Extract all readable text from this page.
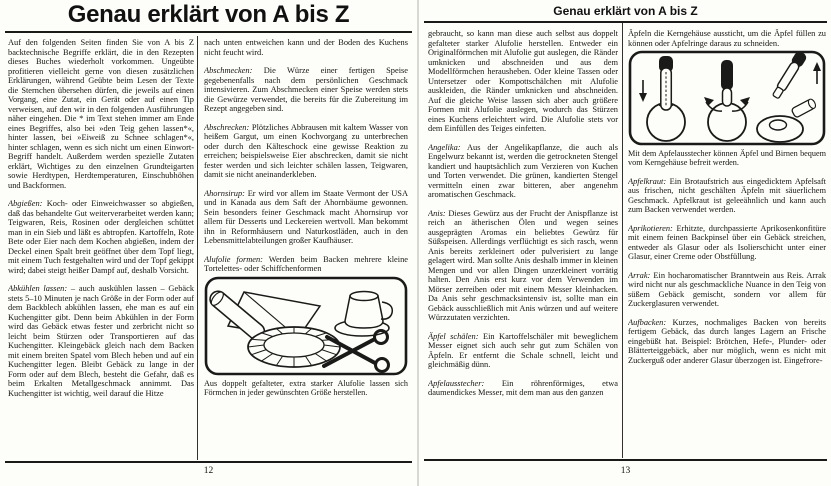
Genau erklärt von A bis Z

Auf den folgenden Seiten finden Sie von A bis Z backtechnische Begriffe erklärt, die in den Rezepten dieses Buches wiederholt vorkommen. Ungeübte profitieren vielleicht gerne von diesen zusätzlichen Erklärungen, während Geübte beim Lesen der Texte die Sternchen übersehen dürfen, die jeweils auf einen Vorgang, eine Zutat, ein Gerät oder auf einen Tip verweisen, auf den wir in den folgenden Ausführungen näher eingehen. Die * im Text stehen immer am Ende eines Begriffes, also bei »den Teig gehen lassen*«, hinter lassen, bei »Eiweiß zu Schnee schlagen*«, hinter schlagen, wenn es sich nicht um einen Einwort-Begriff handelt. Außerdem werden spezielle Zutaten erklärt, Wichtiges zu den einzelnen Grundteigarten sowie Herdtypen, Herdtemperaturen, Einschubhöhen und Backformen.

Abgießen: Koch- oder Einweichwasser so abgießen, daß das behandelte Gut weiterverarbeitet werden kann; Teigwaren, Reis, Rosinen oder dergleichen schüttet man in ein Sieb und läßt es abtropfen. Kartoffeln, Rote Bete oder Eier nach dem Kochen abgießen, indem der Deckel einen Spalt breit geöffnet über dem Topf liegt, mit einem Tuch festgehalten wird und der Topf gekippt wird; dabei steigt heißer Dampf auf, deshalb Vorsicht.

Abkühlen lassen: – auch auskühlen lassen – Gebäck stets 5–10 Minuten je nach Größe in der Form oder auf dem Backblech abkühlen lassen, ehe man es auf ein Kuchengitter gibt. Denn beim Abkühlen in der Form wird das Gebäck etwas fester und zerbricht nicht so leicht beim Stürzen oder Transportieren auf das Kuchengitter. Kleingebäck gleich nach dem Backen mit einem breiten Spatel vom Blech heben und auf ein Kuchengitter legen. Bleibt Gebäck zu lange in der Form oder auf dem Blech, besteht die Gefahr, daß es beim Erkalten Metallgeschmack annimmt. Das Kuchengitter ist wichtig, weil darauf die Hitze

nach unten entweichen kann und der Boden des Kuchens nicht feucht wird.

Abschmecken: Die Würze einer fertigen Speise gegebenenfalls nach dem persönlichen Geschmack intensivieren. Zum Abschmecken einer Speise werden stets die Gewürze verwendet, die bereits für die Zubereitung im Rezept angegeben sind.

Abschrecken: Plötzliches Abbrausen mit kaltem Wasser von heißem Gargut, um einen Kochvorgang zu unterbrechen oder durch den Kälteschock eine gewisse Reaktion zu erreichen; beispielsweise Eier abschrecken, damit sie nicht fester werden und sich leichter schälen lassen, Teigwaren, damit sie nicht aneinanderkleben.

Ahornsirup: Er wird vor allem im Staate Vermont der USA und in Kanada aus dem Saft der Ahornbäume gewonnen. Sein besonders feiner Geschmack macht Ahornsirup vor allem für Desserts und Leckereien wertvoll. Man bekommt ihn in Reformhäusern und Naturkostläden, auch in den Lebensmittelabteilungen großer Kaufhäuser.

Alufolie formen: Werden beim Backen mehrere kleine Tortelettes- oder Schiffchenformen

Aus doppelt gefalteter, extra starker Alufolie lassen sich Förmchen in jeder gewünschten Größe herstellen.

12
Genau erklärt von A bis Z

gebraucht, so kann man diese auch selbst aus doppelt gefalteter starker Alufolie herstellen. Entweder ein Originalförmchen mit Alufolie gut auslegen, die Ränder umknicken und abschneiden und aus dem Modellförmchen herausheben. Oder kleine Tassen oder Untersetzer oder Kompottschälchen mit Alufolie auskleiden, die Ränder umknicken und abschneiden. Auf die gleiche Weise lassen sich aber auch größere Formen mit Alufolie auslegen, wodurch das Stürzen eines Kuchens erleichtert wird. Die Alufolie stets vor dem Einfüllen des Teiges einfetten.

Angelika: Aus der Angelikapflanze, die auch als Engelwurz bekannt ist, werden die getrockneten Stengel kandiert und hauptsächlich zum Verzieren von Kuchen und Torten verwendet. Die grünen, kandierten Stengel vermitteln einen zwar bitteren, aber angenehm aromatischen Geschmack.

Anis: Dieses Gewürz aus der Frucht der Anispflanze ist reich an ätherischen Ölen und wegen seines ausgeprägten Aromas ein beliebtes Gewürz für Süßspeisen. Allerdings verflüchtigt es sich rasch, wenn Anis bereits zerkleinert oder pulverisiert zu lange gelagert wird. Man sollte Anis deshalb immer in kleinen Mengen und vor allen Dingen unzerkleinert vorrätig halten. Den Anis erst kurz vor dem Verwenden im Mörser zerreiben oder mit einem Messer kleinhacken. Da Anis sehr geschmacksintensiv ist, sollte man ein Gebäck ausschließlich mit Anis würzen und auf weitere Würzzutaten verzichten.

Äpfel schälen: Ein Kartoffelschäler mit beweglichem Messer eignet sich auch sehr gut zum Schälen von Äpfeln. Er entfernt die Schale schnell, leicht und gleichmäßig dünn.

Apfelausstecher: Ein röhrenförmiges, etwa daumendickes Messer, mit dem man aus den ganzen

Äpfeln die Kerngehäuse aussticht, um die Äpfel füllen zu können oder Apfelringe daraus zu schneiden.

Mit dem Apfelausstecher können Äpfel und Birnen bequem vom Kerngehäuse befreit werden.

Apfelkraut: Ein Brotaufstrich aus eingedicktem Apfelsaft aus frischen, nicht geschälten Äpfeln mit säuerlichem Geschmack. Apfelkraut ist geleeähnlich und kann auch zum Backen verwendet werden.

Aprikotieren: Erhitzte, durchpassierte Aprikosenkonfitüre mit einem feinen Backpinsel über ein Gebäck streichen, entweder als Glasur oder als Isolierschicht unter einer Glasur, einer Creme oder Obstfüllung.

Arrak: Ein hocharomatischer Branntwein aus Reis. Arrak wird nicht nur als geschmackliche Nuance in den Teig von süßem Gebäck gemischt, sondern vor allem für Zuckerglasuren verwendet.

Aufbacken: Kurzes, nochmaliges Backen von bereits fertigem Gebäck, das durch langes Lagern an Frische eingebüßt hat. Beispiel: Brötchen, Hefe-, Plunder- oder Blätterteiggebäck, aber nur möglich, wenn es nicht mit Zuckerguß oder anderer Glasur überzogen ist. Eingefrore-

13
